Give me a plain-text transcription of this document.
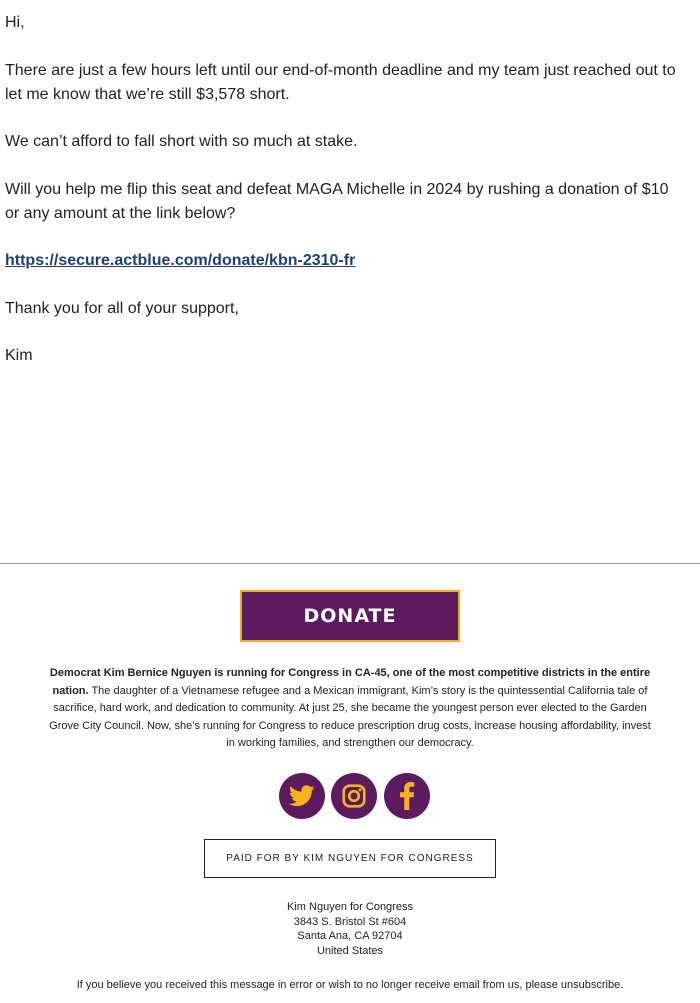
Hi,

There are just a few hours left until our end-of-month deadline and my team just reached out to let me know that we’re still $3,578 short.

We can’t afford to fall short with so much at stake.

Will you help me flip this seat and defeat MAGA Michelle in 2024 by rushing a donation of $10 or any amount at the link below?

https://secure.actblue.com/donate/kbn-2310-fr

Thank you for all of your support,

Kim

DONATE
Democrat Kim Bernice Nguyen is running for Congress in CA-45, one of the most competitive districts in the entire nation. The daughter of a Vietnamese refugee and a Mexican immigrant, Kim’s story is the quintessential California tale of sacrifice, hard work, and dedication to community. At just 25, she became the youngest person ever elected to the Garden Grove City Council. Now, she’s running for Congress to reduce prescription drug costs, increase housing affordability, invest in working families, and strengthen our democracy.
PAID FOR BY KIM NGUYEN FOR CONGRESS
Kim Nguyen for Congress
3843 S. Bristol St #604
Santa Ana, CA 92704
United States
If you believe you received this message in error or wish to no longer receive email from us, please unsubscribe.
